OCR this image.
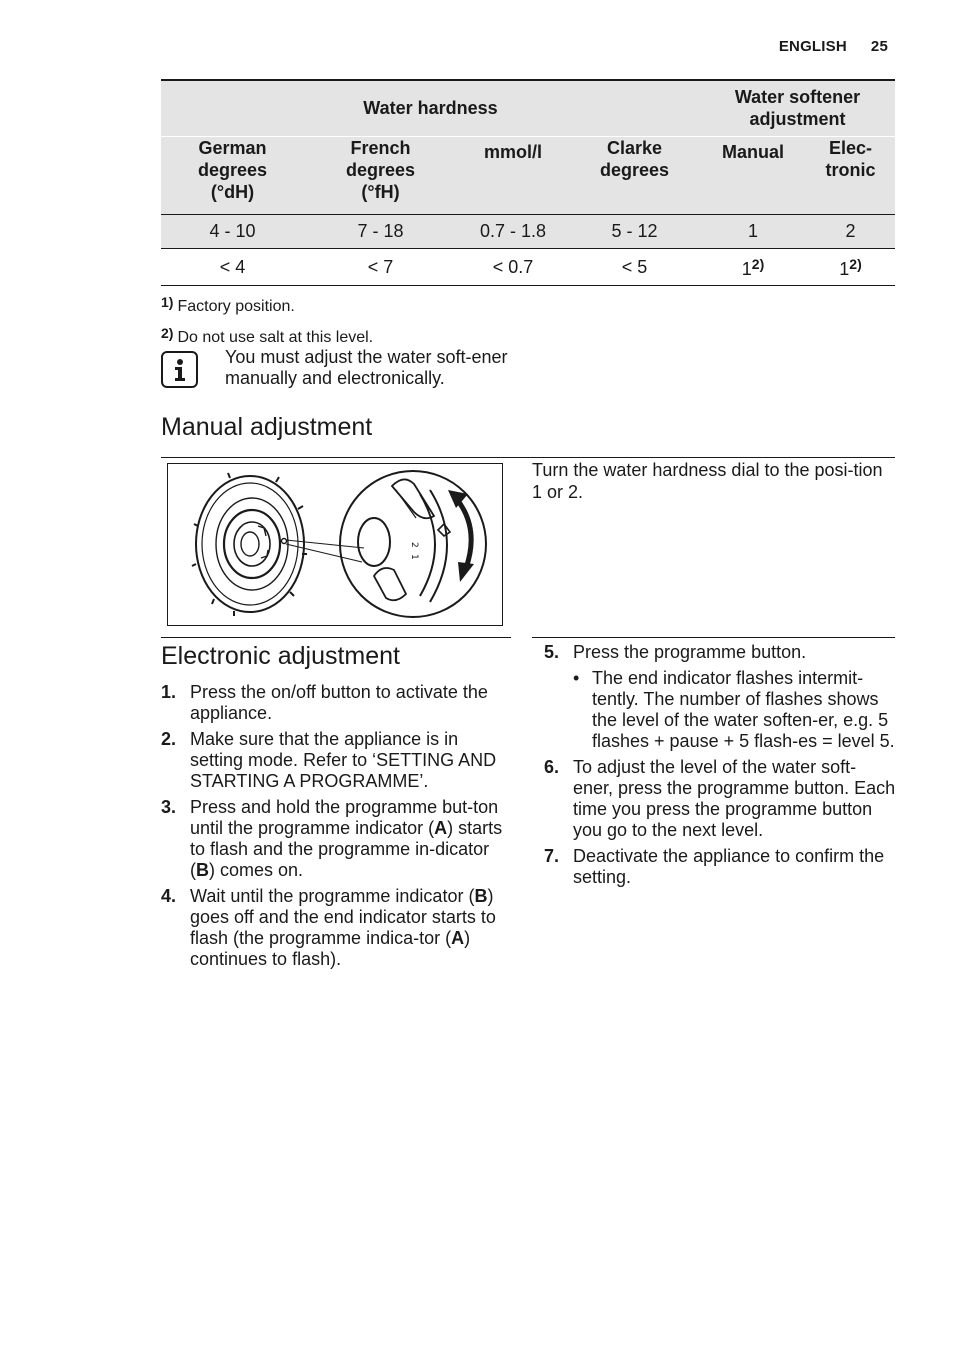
ENGLISH 25
Water hardness				Water softener adjustment	
German degrees (°dH)	French degrees (°fH)	mmol/l	Clarke degrees	Manual	Elec-tronic
4 - 10	7 - 18	0.7 - 1.8	5 - 12	1	2
< 4	< 7	< 0.7	< 5	1$^{2)}$	1$^{2)}$
1) Factory position.
2) Do not use salt at this level.
You must adjust the water soft-ener manually and electronically.
Manual adjustment
2
1
Turn the water hardness dial to the posi-tion 1 or 2.
Electronic adjustment
1. Press the on/off button to activate the appliance.
2. Make sure that the appliance is in setting mode. Refer to ‘SETTING AND STARTING A PROGRAMME’.
3. Press and hold the programme but-ton until the programme indicator (A) starts to flash and the programme in-dicator (B) comes on.
4. Wait until the programme indicator (B) goes off and the end indicator starts to flash (the programme indica-tor (A) continues to flash).
5. Press the programme button.
• The end indicator flashes intermit-tently. The number of flashes shows the level of the water soften-er, e.g. 5 flashes + pause + 5 flash-es = level 5.
6. To adjust the level of the water soft-ener, press the programme button. Each time you press the programme button you go to the next level.
7. Deactivate the appliance to confirm the setting.
